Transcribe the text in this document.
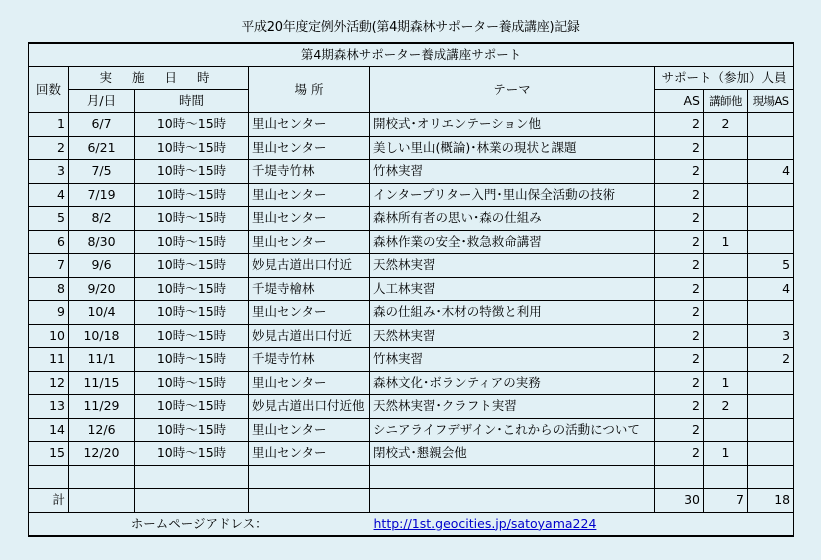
平成20年度定例外活動(第4期森林サポーター養成講座)記録
第4期森林サポーター養成講座サポート							
回数	実 施 日 時		場 所	テーマ	サポート（参加）人員		
	月/日	時間			AS	講師他	現場AS
1	6/7	10時～15時	里山センター	開校式･オリエンテーション他	2	2	
2	6/21	10時～15時	里山センター	美しい里山(概論)･林業の現状と課題	2		
3	7/5	10時～15時	千堤寺竹林	竹林実習	2		4
4	7/19	10時～15時	里山センター	インタープリター入門･里山保全活動の技術	2		
5	8/2	10時～15時	里山センター	森林所有者の思い･森の仕組み	2		
6	8/30	10時～15時	里山センター	森林作業の安全･救急救命講習	2	1	
7	9/6	10時～15時	妙見古道出口付近	天然林実習	2		5
8	9/20	10時～15時	千堤寺檜林	人工林実習	2		4
9	10/4	10時～15時	里山センター	森の仕組み･木材の特徴と利用	2		
10	10/18	10時～15時	妙見古道出口付近	天然林実習	2		3
11	11/1	10時～15時	千堤寺竹林	竹林実習	2		2
12	11/15	10時～15時	里山センター	森林文化･ボランティアの実務	2	1	
13	11/29	10時～15時	妙見古道出口付近他	天然林実習･クラフト実習	2	2	
14	12/6	10時～15時	里山センター	シニアライフデザイン･これからの活動について	2		
15	12/20	10時～15時	里山センター	閉校式･懇親会他	2	1	

計					30	7	18
ホームページアドレス：				http://1st.geocities.jp/satoyama224			
